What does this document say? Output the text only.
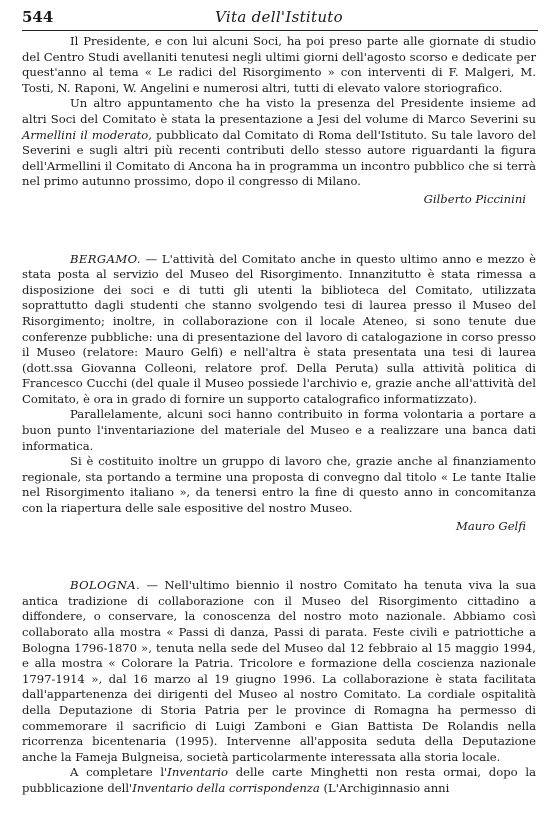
544	Vita dell'Istituto

Il Presidente, e con lui alcuni Soci, ha poi preso parte alle giornate di studio del Centro Studi avellaniti tenutesi negli ultimi giorni dell'agosto scorso e dedicate per quest'anno al tema « Le radici del Risorgimento » con interventi di F. Malgeri, M. Tosti, N. Raponi, W. Angelini e numerosi altri, tutti di elevato valore storiografico.

Un altro appuntamento che ha visto la presenza del Presidente insieme ad altri Soci del Comitato è stata la presentazione a Jesi del volume di Marco Severini su Armellini il moderato, pubblicato dal Comitato di Roma dell'Istituto. Su tale lavoro del Severini e sugli altri più recenti contributi dello stesso autore riguardanti la figura dell'Armellini il Comitato di Ancona ha in programma un incontro pubblico che si terrà nel primo autunno prossimo, dopo il congresso di Milano.

Gilberto Piccinini

BERGAMO. — L'attività del Comitato anche in questo ultimo anno e mezzo è stata posta al servizio del Museo del Risorgimento. Innanzitutto è stata rimessa a disposizione dei soci e di tutti gli utenti la biblioteca del Comitato, utilizzata soprattutto dagli studenti che stanno svolgendo tesi di laurea presso il Museo del Risorgimento; inoltre, in collaborazione con il locale Ateneo, si sono tenute due conferenze pubbliche: una di presentazione del lavoro di catalogazione in corso presso il Museo (relatore: Mauro Gelfi) e nell'altra è stata presentata una tesi di laurea (dott.ssa Giovanna Colleoni, relatore prof. Della Peruta) sulla attività politica di Francesco Cucchi (del quale il Museo possiede l'archivio e, grazie anche all'attività del Comitato, è ora in grado di fornire un supporto catalografico informatizzato).

Parallelamente, alcuni soci hanno contribuito in forma volontaria a portare a buon punto l'inventariazione del materiale del Museo e a realizzare una banca dati informatica.

Si è costituito inoltre un gruppo di lavoro che, grazie anche al finanziamento regionale, sta portando a termine una proposta di convegno dal titolo « Le tante Italie nel Risorgimento italiano », da tenersi entro la fine di questo anno in concomitanza con la riapertura delle sale espositive del nostro Museo.

Mauro Gelfi

BOLOGNA. — Nell'ultimo biennio il nostro Comitato ha tenuta viva la sua antica tradizione di collaborazione con il Museo del Risorgimento cittadino a diffondere, o conservare, la conoscenza del nostro moto nazionale. Abbiamo così collaborato alla mostra « Passi di danza, Passi di parata. Feste civili e patriottiche a Bologna 1796-1870 », tenuta nella sede del Museo dal 12 febbraio al 15 maggio 1994, e alla mostra « Colorare la Patria. Tricolore e formazione della coscienza nazionale 1797-1914 », dal 16 marzo al 19 giugno 1996. La collaborazione è stata facilitata dall'appartenenza dei dirigenti del Museo al nostro Comitato. La cordiale ospitalità della Deputazione di Storia Patria per le province di Romagna ha permesso di commemorare il sacrificio di Luigi Zamboni e Gian Battista De Rolandis nella ricorrenza bicentenaria (1995). Intervenne all'apposita seduta della Deputazione anche la Fameja Bulgneisa, società particolarmente interessata alla storia locale.

A completare l'Inventario delle carte Minghetti non resta ormai, dopo la pubblicazione dell'Inventario della corrispondenza (L'Archiginnasio anni
